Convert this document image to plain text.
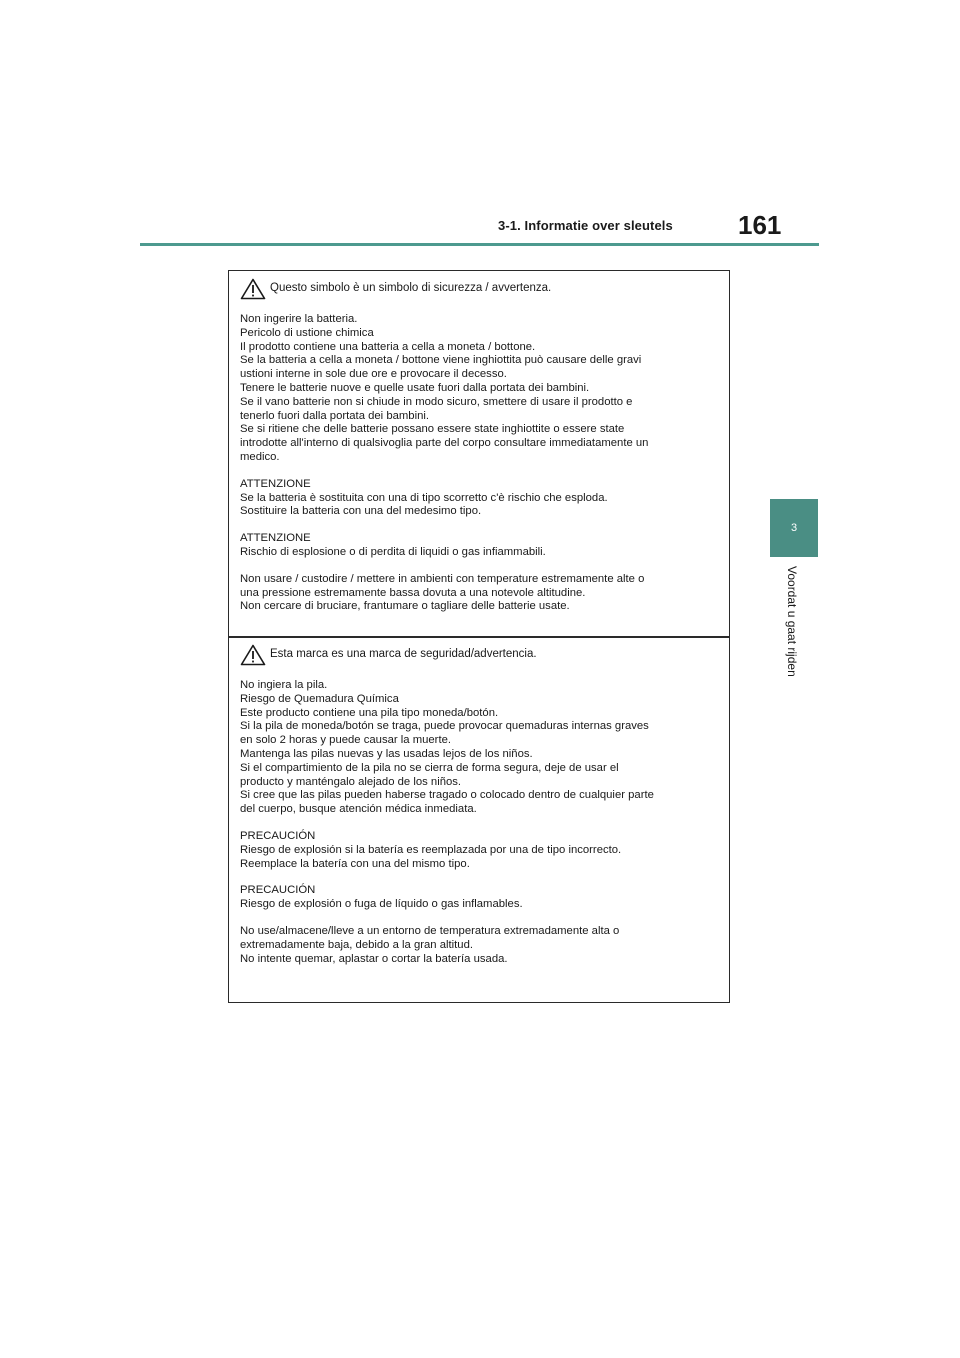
3-1. Informatie over sleutels	161
3
Voordat u gaat rijden
Questo simbolo è un simbolo di sicurezza / avvertenza.

Non ingerire la batteria.

Pericolo di ustione chimica

Il prodotto contiene una batteria a cella a moneta / bottone.

Se la batteria a cella a moneta / bottone viene inghiottita può causare delle gravi

ustioni interne in sole due ore e provocare il decesso.

Tenere le batterie nuove e quelle usate fuori dalla portata dei bambini.

Se il vano batterie non si chiude in modo sicuro, smettere di usare il prodotto e

tenerlo fuori dalla portata dei bambini.

Se si ritiene che delle batterie possano essere state inghiottite o essere state

introdotte all'interno di qualsivoglia parte del corpo consultare immediatamente un

medico.

ATTENZIONE

Se la batteria è sostituita con una di tipo scorretto c'è rischio che esploda.

Sostituire la batteria con una del medesimo tipo.

ATTENZIONE

Rischio di esplosione o di perdita di liquidi o gas infiammabili.

Non usare / custodire / mettere in ambienti con temperature estremamente alte o

una pressione estremamente bassa dovuta a una notevole altitudine.

Non cercare di bruciare, frantumare o tagliare delle batterie usate.

Esta marca es una marca de seguridad/advertencia.

No ingiera la pila.

Riesgo de Quemadura Química

Este producto contiene una pila tipo moneda/botón.

Si la pila de moneda/botón se traga, puede provocar quemaduras internas graves

en solo 2 horas y puede causar la muerte.

Mantenga las pilas nuevas y las usadas lejos de los niños.

Si el compartimiento de la pila no se cierra de forma segura, deje de usar el

producto y manténgalo alejado de los niños.

Si cree que las pilas pueden haberse tragado o colocado dentro de cualquier parte

del cuerpo, busque atención médica inmediata.

PRECAUCIÓN

Riesgo de explosión si la batería es reemplazada por una de tipo incorrecto.

Reemplace la batería con una del mismo tipo.

PRECAUCIÓN

Riesgo de explosión o fuga de líquido o gas inflamables.

No use/almacene/lleve a un entorno de temperatura extremadamente alta o

extremadamente baja, debido a la gran altitud.

No intente quemar, aplastar o cortar la batería usada.
